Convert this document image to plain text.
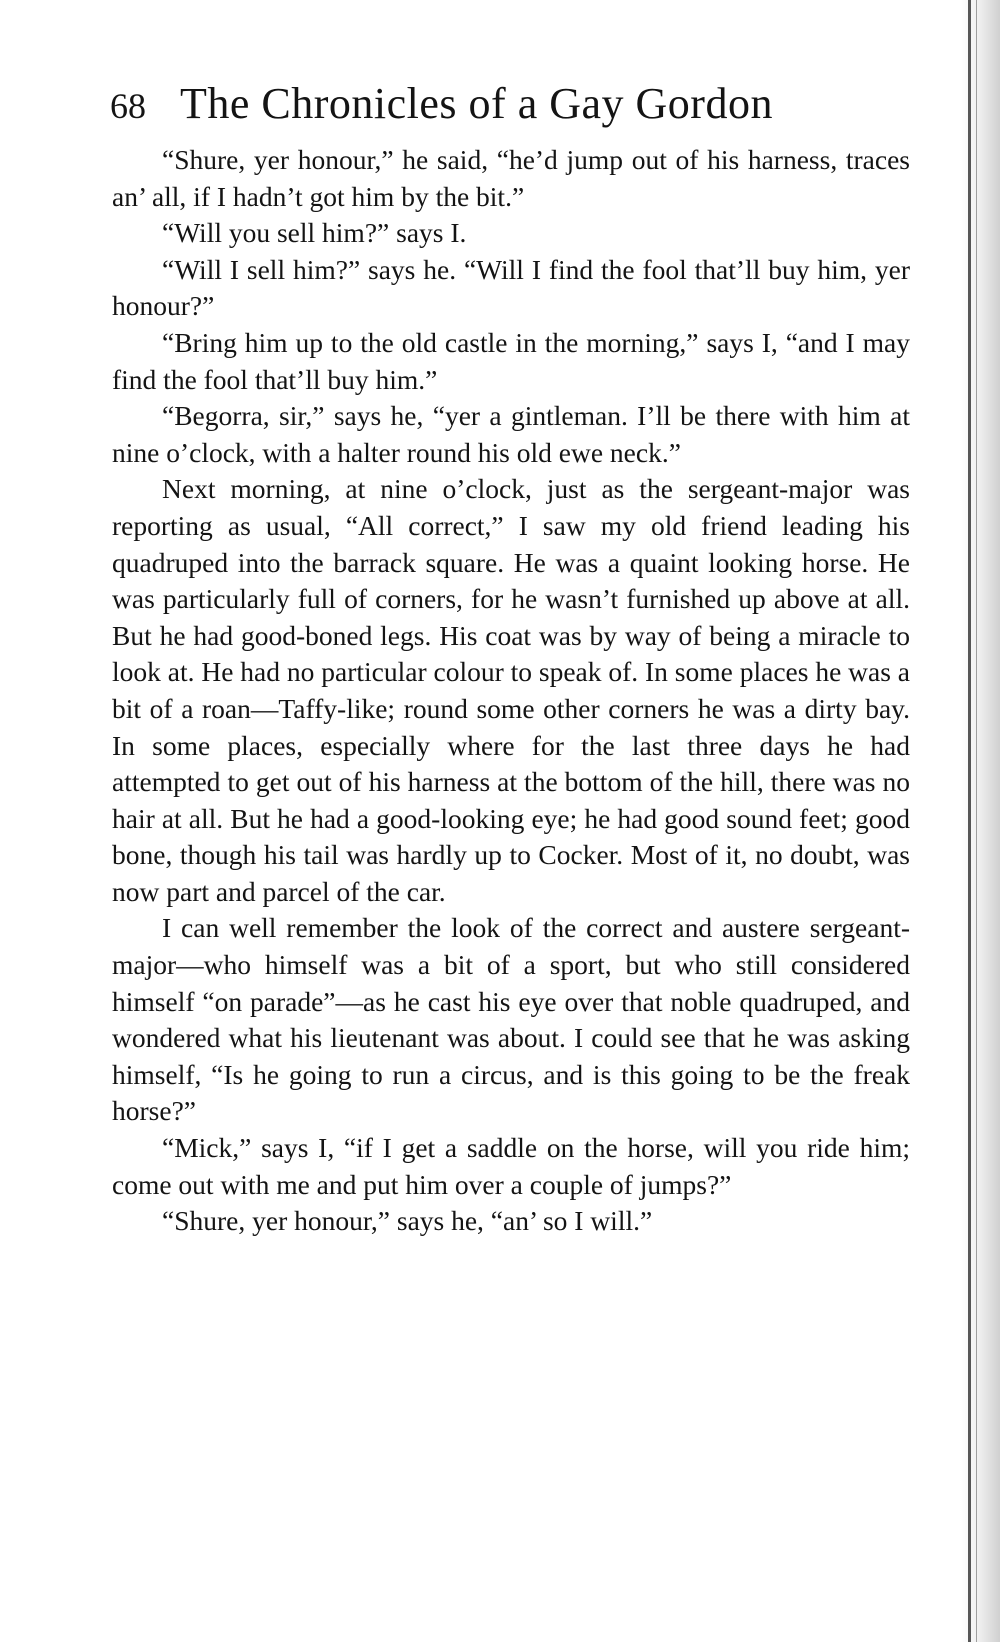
68 The Chronicles of a Gay Gordon

“Shure, yer honour,” he said, “he’d jump out of his harness, traces an’ all, if I hadn’t got him by the bit.”

“Will you sell him?” says I.

“Will I sell him?” says he. “Will I find the fool that’ll buy him, yer honour?”

“Bring him up to the old castle in the morning,” says I, “and I may find the fool that’ll buy him.”

“Begorra, sir,” says he, “yer a gintleman. I’ll be there with him at nine o’clock, with a halter round his old ewe neck.”

Next morning, at nine o’clock, just as the sergeant-major was reporting as usual, “All correct,” I saw my old friend leading his quadruped into the barrack square. He was a quaint looking horse. He was particularly full of corners, for he wasn’t furnished up above at all. But he had good-boned legs. His coat was by way of being a miracle to look at. He had no particular colour to speak of. In some places he was a bit of a roan—Taffy-like; round some other corners he was a dirty bay. In some places, especially where for the last three days he had attempted to get out of his harness at the bottom of the hill, there was no hair at all. But he had a good-looking eye; he had good sound feet; good bone, though his tail was hardly up to Cocker. Most of it, no doubt, was now part and parcel of the car.

I can well remember the look of the correct and austere sergeant-major—who himself was a bit of a sport, but who still considered himself “on parade”—as he cast his eye over that noble quadruped, and wondered what his lieutenant was about. I could see that he was asking himself, “Is he going to run a circus, and is this going to be the freak horse?”

“Mick,” says I, “if I get a saddle on the horse, will you ride him; come out with me and put him over a couple of jumps?”

“Shure, yer honour,” says he, “an’ so I will.”
